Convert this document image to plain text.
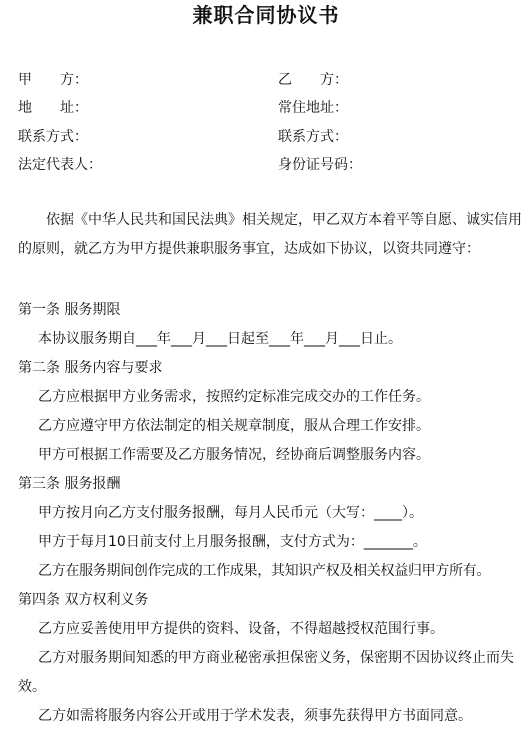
兼职合同协议书
甲　　方：	乙　　方：
地　　址：	常住地址：
联系方式：	联系方式：
法定代表人：	身份证号码：
依据《中华人民共和国民法典》相关规定，甲乙双方本着平等自愿、诚实信用的原则，就乙方为甲方提供兼职服务事宜，达成如下协议，以资共同遵守：
第一条 服务期限
本协议服务期自___年___月___日起至___年___月___日止。
第二条 服务内容与要求
乙方应根据甲方业务需求，按照约定标准完成交办的工作任务。
乙方应遵守甲方依法制定的相关规章制度，服从合理工作安排。
甲方可根据工作需要及乙方服务情况，经协商后调整服务内容。
第三条 服务报酬
甲方按月向乙方支付服务报酬，每月人民币元（大写：____）。
甲方于每月10日前支付上月服务报酬，支付方式为：_______。
乙方在服务期间创作完成的工作成果，其知识产权及相关权益归甲方所有。
第四条 双方权利义务
乙方应妥善使用甲方提供的资料、设备，不得超越授权范围行事。
乙方对服务期间知悉的甲方商业秘密承担保密义务，保密期不因协议终止而失效。
乙方如需将服务内容公开或用于学术发表，须事先获得甲方书面同意。
